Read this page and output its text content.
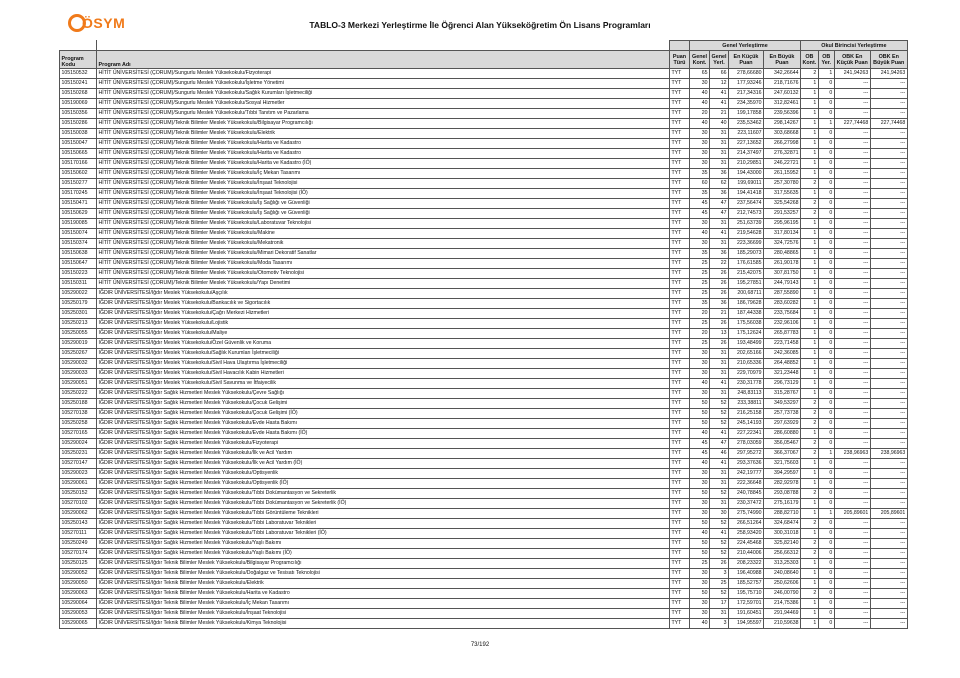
ÖSYM	TABLO-3 Merkezi Yerleştirme İle Öğrenci Alan Yükseköğretim Ön Lisans Programları
			Genel Yerleştirme				Okul Birincisi Yerleştirme			
Program Kodu	Program Adı	Puan Türü	Genel Kont.	Genel Yerl.	En Küçük Puan	En Büyük Puan	OB Kont.	OB Yer.	OBK En Küçük Puan	OBK En Büyük Puan
105150532	HİTİT ÜNİVERSİTESİ (ÇORUM)/Sungurlu Meslek Yüksekokulu/Fizyoterapi	TYT	65	66	278,66680	342,26644	2	1	241,94263	241,94263
105150241	HİTİT ÜNİVERSİTESİ (ÇORUM)/Sungurlu Meslek Yüksekokulu/İşletme Yönetimi	TYT	30	12	177,93246	218,71676	1	0	---	---
105150268	HİTİT ÜNİVERSİTESİ (ÇORUM)/Sungurlu Meslek Yüksekokulu/Sağlık Kurumları İşletmeciliği	TYT	40	41	217,34316	247,60132	1	0	---	---
105190069	HİTİT ÜNİVERSİTESİ (ÇORUM)/Sungurlu Meslek Yüksekokulu/Sosyal Hizmetler	TYT	40	41	234,35970	312,82461	1	0	---	---
105150356	HİTİT ÜNİVERSİTESİ (ÇORUM)/Sungurlu Meslek Yüksekokulu/Tıbbi Tanıtım ve Pazarlama	TYT	20	21	199,17858	239,56396	1	0	---	---
105150286	HİTİT ÜNİVERSİTESİ (ÇORUM)/Teknik Bilimler Meslek Yüksekokulu/Bilgisayar Programcılığı	TYT	40	40	235,53462	298,14267	1	1	227,74468	227,74468
105150038	HİTİT ÜNİVERSİTESİ (ÇORUM)/Teknik Bilimler Meslek Yüksekokulu/Elektrik	TYT	30	31	223,11607	303,68668	1	0	---	---
105150047	HİTİT ÜNİVERSİTESİ (ÇORUM)/Teknik Bilimler Meslek Yüksekokulu/Harita ve Kadastro	TYT	30	31	227,13652	266,27998	1	0	---	---
105150665	HİTİT ÜNİVERSİTESİ (ÇORUM)/Teknik Bilimler Meslek Yüksekokulu/Harita ve Kadastro	TYT	30	31	214,37497	276,32871	1	0	---	---
105170166	HİTİT ÜNİVERSİTESİ (ÇORUM)/Teknik Bilimler Meslek Yüksekokulu/Harita ve Kadastro (İÖ)	TYT	30	31	210,29851	246,22721	1	0	---	---
105150602	HİTİT ÜNİVERSİTESİ (ÇORUM)/Teknik Bilimler Meslek Yüksekokulu/İç Mekan Tasarımı	TYT	35	36	194,43000	261,15952	1	0	---	---
105150277	HİTİT ÜNİVERSİTESİ (ÇORUM)/Teknik Bilimler Meslek Yüksekokulu/İnşaat Teknolojisi	TYT	60	62	199,69011	257,30780	2	0	---	---
105170245	HİTİT ÜNİVERSİTESİ (ÇORUM)/Teknik Bilimler Meslek Yüksekokulu/İnşaat Teknolojisi (İÖ)	TYT	35	36	194,41418	317,55635	1	0	---	---
105150471	HİTİT ÜNİVERSİTESİ (ÇORUM)/Teknik Bilimler Meslek Yüksekokulu/İş Sağlığı ve Güvenliği	TYT	45	47	237,56474	325,54268	2	0	---	---
105150629	HİTİT ÜNİVERSİTESİ (ÇORUM)/Teknik Bilimler Meslek Yüksekokulu/İş Sağlığı ve Güvenliği	TYT	45	47	212,74573	291,53257	2	0	---	---
105190085	HİTİT ÜNİVERSİTESİ (ÇORUM)/Teknik Bilimler Meslek Yüksekokulu/Laboratuvar Teknolojisi	TYT	30	31	251,63739	295,96195	1	0	---	---
105150074	HİTİT ÜNİVERSİTESİ (ÇORUM)/Teknik Bilimler Meslek Yüksekokulu/Makine	TYT	40	41	219,54628	317,80134	1	0	---	---
105150374	HİTİT ÜNİVERSİTESİ (ÇORUM)/Teknik Bilimler Meslek Yüksekokulu/Mekatronik	TYT	30	31	223,36699	324,72576	1	0	---	---
105150638	HİTİT ÜNİVERSİTESİ (ÇORUM)/Teknik Bilimler Meslek Yüksekokulu/Mimari Dekoratif Sanatlar	TYT	35	36	185,29073	280,48865	1	0	---	---
105150647	HİTİT ÜNİVERSİTESİ (ÇORUM)/Teknik Bilimler Meslek Yüksekokulu/Moda Tasarımı	TYT	25	22	176,61585	261,90178	1	0	---	---
105150223	HİTİT ÜNİVERSİTESİ (ÇORUM)/Teknik Bilimler Meslek Yüksekokulu/Otomotiv Teknolojisi	TYT	25	26	215,42075	307,81750	1	0	---	---
105150311	HİTİT ÜNİVERSİTESİ (ÇORUM)/Teknik Bilimler Meslek Yüksekokulu/Yapı Denetimi	TYT	25	26	195,27851	244,79143	1	0	---	---
105290022	IĞDIR ÜNİVERSİTESİ/Iğdır Meslek Yüksekokulu/Aşçılık	TYT	25	26	200,68711	287,55890	1	0	---	---
105250179	IĞDIR ÜNİVERSİTESİ/Iğdır Meslek Yüksekokulu/Bankacılık ve Sigortacılık	TYT	35	36	186,79628	283,60282	1	0	---	---
105250301	IĞDIR ÜNİVERSİTESİ/Iğdır Meslek Yüksekokulu/Çağrı Merkezi Hizmetleri	TYT	20	21	187,44338	233,75684	1	0	---	---
105250213	IĞDIR ÜNİVERSİTESİ/Iğdır Meslek Yüksekokulu/Lojistik	TYT	25	26	175,56038	232,96106	1	0	---	---
105250055	IĞDIR ÜNİVERSİTESİ/Iğdır Meslek Yüksekokulu/Maliye	TYT	20	13	175,12624	265,87783	1	0	---	---
105290019	IĞDIR ÜNİVERSİTESİ/Iğdır Meslek Yüksekokulu/Özel Güvenlik ve Koruma	TYT	25	26	193,48499	223,71458	1	0	---	---
105250267	IĞDIR ÜNİVERSİTESİ/Iğdır Meslek Yüksekokulu/Sağlık Kurumları İşletmeciliği	TYT	30	31	202,65166	242,36085	1	0	---	---
105290032	IĞDIR ÜNİVERSİTESİ/Iğdır Meslek Yüksekokulu/Sivil Hava Ulaştırma İşletmeciliği	TYT	30	31	210,65336	264,48852	1	0	---	---
105290033	IĞDIR ÜNİVERSİTESİ/Iğdır Meslek Yüksekokulu/Sivil Havacılık Kabin Hizmetleri	TYT	30	31	229,70979	321,23448	1	0	---	---
105290051	IĞDIR ÜNİVERSİTESİ/Iğdır Meslek Yüksekokulu/Sivil Savunma ve İtfaiyecilik	TYT	40	41	230,31778	296,73129	1	0	---	---
105250222	IĞDIR ÜNİVERSİTESİ/Iğdır Sağlık Hizmetleri Meslek Yüksekokulu/Çevre Sağlığı	TYT	30	31	248,83113	315,28767	1	0	---	---
105250188	IĞDIR ÜNİVERSİTESİ/Iğdır Sağlık Hizmetleri Meslek Yüksekokulu/Çocuk Gelişimi	TYT	50	52	233,38811	349,53297	2	0	---	---
105270138	IĞDIR ÜNİVERSİTESİ/Iğdır Sağlık Hizmetleri Meslek Yüksekokulu/Çocuk Gelişimi (İÖ)	TYT	50	52	216,25158	257,73738	2	0	---	---
105250258	IĞDIR ÜNİVERSİTESİ/Iğdır Sağlık Hizmetleri Meslek Yüksekokulu/Evde Hasta Bakımı	TYT	50	52	245,14193	297,63929	2	0	---	---
105270165	IĞDIR ÜNİVERSİTESİ/Iğdır Sağlık Hizmetleri Meslek Yüksekokulu/Evde Hasta Bakımı (İÖ)	TYT	40	41	227,22341	286,60880	1	0	---	---
105290024	IĞDIR ÜNİVERSİTESİ/Iğdır Sağlık Hizmetleri Meslek Yüksekokulu/Fizyoterapi	TYT	45	47	278,03059	356,05467	2	0	---	---
105250231	IĞDIR ÜNİVERSİTESİ/Iğdır Sağlık Hizmetleri Meslek Yüksekokulu/İlk ve Acil Yardım	TYT	45	46	297,95272	366,37067	2	1	238,96963	238,96963
105270147	IĞDIR ÜNİVERSİTESİ/Iğdır Sağlık Hizmetleri Meslek Yüksekokulu/İlk ve Acil Yardım (İÖ)	TYT	40	41	293,37636	321,75603	1	0	---	---
105290023	IĞDIR ÜNİVERSİTESİ/Iğdır Sağlık Hizmetleri Meslek Yüksekokulu/Optisyenlik	TYT	30	31	242,19777	394,29597	1	0	---	---
105290061	IĞDIR ÜNİVERSİTESİ/Iğdır Sağlık Hizmetleri Meslek Yüksekokulu/Optisyenlik (İÖ)	TYT	30	31	222,36648	282,92978	1	0	---	---
105250152	IĞDIR ÜNİVERSİTESİ/Iğdır Sağlık Hizmetleri Meslek Yüksekokulu/Tıbbi Dokümantasyon ve Sekreterlik	TYT	50	52	240,78845	293,08788	2	0	---	---
105270102	IĞDIR ÜNİVERSİTESİ/Iğdır Sağlık Hizmetleri Meslek Yüksekokulu/Tıbbi Dokümantasyon ve Sekreterlik (İÖ)	TYT	30	31	230,37472	275,16179	1	0	---	---
105290062	IĞDIR ÜNİVERSİTESİ/Iğdır Sağlık Hizmetleri Meslek Yüksekokulu/Tıbbi Görüntüleme Teknikleri	TYT	30	30	275,74990	288,82710	1	1	205,89601	205,89601
105250143	IĞDIR ÜNİVERSİTESİ/Iğdır Sağlık Hizmetleri Meslek Yüksekokulu/Tıbbi Laboratuvar Teknikleri	TYT	50	52	266,51264	324,68474	2	0	---	---
105270111	IĞDIR ÜNİVERSİTESİ/Iğdır Sağlık Hizmetleri Meslek Yüksekokulu/Tıbbi Laboratuvar Teknikleri (İÖ)	TYT	40	41	258,93420	300,31018	1	0	---	---
105250249	IĞDIR ÜNİVERSİTESİ/Iğdır Sağlık Hizmetleri Meslek Yüksekokulu/Yaşlı Bakımı	TYT	50	52	224,45468	325,82140	2	0	---	---
105270174	IĞDIR ÜNİVERSİTESİ/Iğdır Sağlık Hizmetleri Meslek Yüksekokulu/Yaşlı Bakımı (İÖ)	TYT	50	52	210,44006	256,66312	2	0	---	---
105250125	IĞDIR ÜNİVERSİTESİ/Iğdır Teknik Bilimler Meslek Yüksekokulu/Bilgisayar Programcılığı	TYT	25	26	208,23322	313,25303	1	0	---	---
105290052	IĞDIR ÜNİVERSİTESİ/Iğdır Teknik Bilimler Meslek Yüksekokulu/Doğalgaz ve Tesisatı Teknolojisi	TYT	30	3	196,40988	240,08640	1	0	---	---
105290050	IĞDIR ÜNİVERSİTESİ/Iğdır Teknik Bilimler Meslek Yüksekokulu/Elektrik	TYT	30	25	185,52757	250,62606	1	0	---	---
105290063	IĞDIR ÜNİVERSİTESİ/Iğdır Teknik Bilimler Meslek Yüksekokulu/Harita ve Kadastro	TYT	50	52	195,75710	246,00790	2	0	---	---
105290064	IĞDIR ÜNİVERSİTESİ/Iğdır Teknik Bilimler Meslek Yüksekokulu/İç Mekan Tasarımı	TYT	30	17	172,59701	214,75386	1	0	---	---
105290053	IĞDIR ÜNİVERSİTESİ/Iğdır Teknik Bilimler Meslek Yüksekokulu/İnşaat Teknolojisi	TYT	30	31	191,60451	291,94469	1	0	---	---
105290065	IĞDIR ÜNİVERSİTESİ/Iğdır Teknik Bilimler Meslek Yüksekokulu/Kimya Teknolojisi	TYT	40	3	194,95597	210,59638	1	0	---	---
73/192
